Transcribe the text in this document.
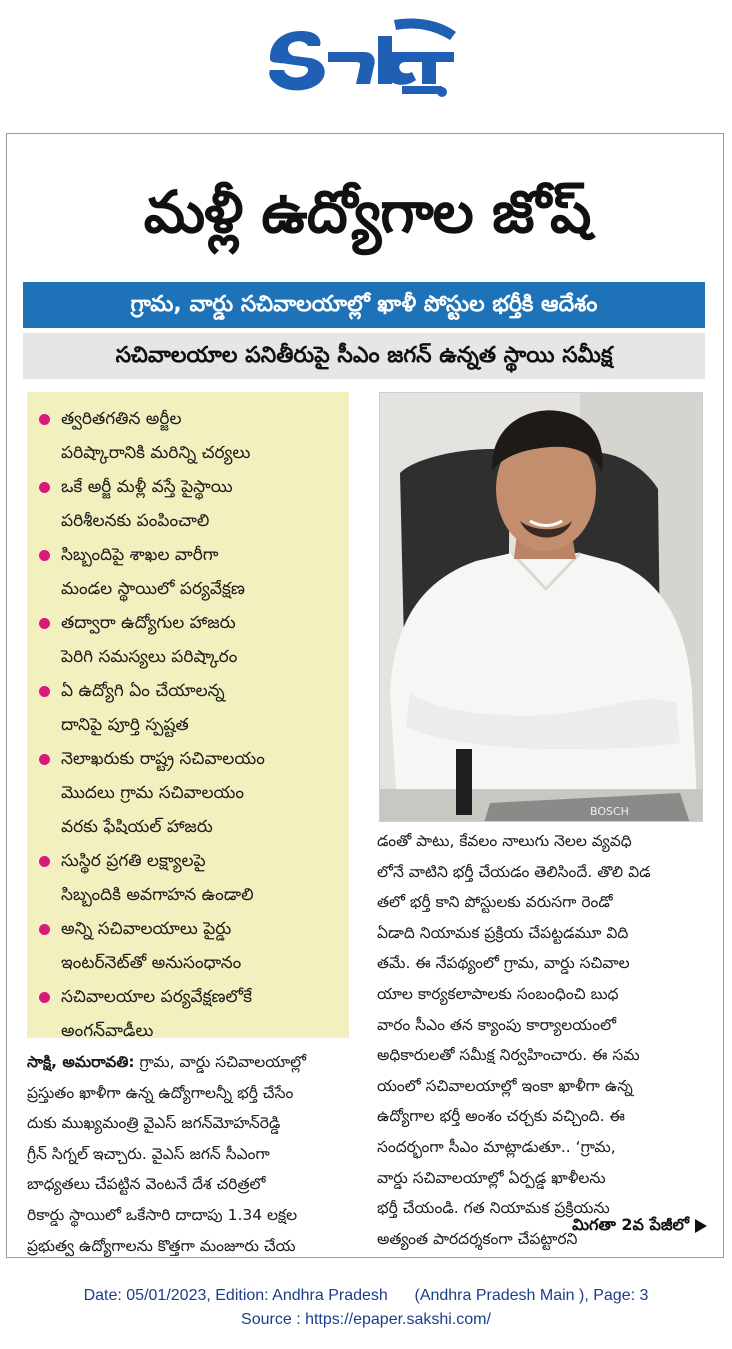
మళ్లీ ఉద్యోగాల జోష్
గ్రామ, వార్డు సచివాలయాల్లో ఖాళీ పోస్టుల భర్తీకి ఆదేశం
సచివాలయాల పనితీరుపై సీఎం జగన్ ఉన్నత స్థాయి సమీక్ష
త్వరితగతిన అర్జీల
పరిష్కారానికి మరిన్ని చర్యలు
ఒకే అర్జీ మళ్లీ వస్తే పైస్థాయి
పరిశీలనకు పంపించాలి
సిబ్బందిపై శాఖల వారీగా
మండల స్థాయిలో పర్యవేక్షణ
తద్వారా ఉద్యోగుల హాజరు
పెరిగి సమస్యలు పరిష్కారం
ఏ ఉద్యోగి ఏం చేయాలన్న
దానిపై పూర్తి స్పష్టత
నెలాఖరుకు రాష్ట్ర సచివాలయం
మొదలు గ్రామ సచివాలయం
వరకు ఫేషియల్ హాజరు
సుస్థిర ప్రగతి లక్ష్యాలపై
సిబ్బందికి అవగాహన ఉండాలి
అన్ని సచివాలయాలు పైర్డు
ఇంటర్‌నెట్‌తో అనుసంధానం
సచివాలయాల పర్యవేక్షణలోకే
అంగన్‌వాడీలు
BOSCH
డంతో పాటు, కేవలం నాలుగు నెలల వ్యవధి
లోనే వాటిని భర్తీ చేయడం తెలిసిందే. తొలి విడ
తలో భర్తీ కాని పోస్టులకు వరుసగా రెండో
ఏడాది నియామక ప్రక్రియ చేపట్టడమూ విది
తమే. ఈ నేపథ్యంలో గ్రామ, వార్డు సచివాల
యాల కార్యకలాపాలకు సంబంధించి బుధ
వారం సీఎం తన క్యాంపు కార్యాలయంలో
అధికారులతో సమీక్ష నిర్వహించారు. ఈ సమ
యంలో సచివాలయాల్లో ఇంకా ఖాళీగా ఉన్న
ఉద్యోగాల భర్తీ అంశం చర్చకు వచ్చింది. ఈ
సందర్భంగా సీఎం మాట్లాడుతూ.. ‘గ్రామ,
వార్డు సచివాలయాల్లో ఏర్పడ్డ ఖాళీలను
భర్తీ చేయండి. గత నియామక ప్రక్రియను
అత్యంత పారదర్శకంగా చేపట్టారని
సాక్షి, అమరావతి: గ్రామ, వార్డు సచివాలయాల్లో
ప్రస్తుతం ఖాళీగా ఉన్న ఉద్యోగాలన్నీ భర్తీ చేసేం
దుకు ముఖ్యమంత్రి వైఎస్ జగన్‌మోహన్‌రెడ్డి
గ్రీన్ సిగ్నల్ ఇచ్చారు. వైఎస్ జగన్ సీఎంగా
బాధ్యతలు చేపట్టిన వెంటనే దేశ చరిత్రలో
రికార్డు స్థాయిలో ఒకేసారి దాదాపు 1.34 లక్షల
ప్రభుత్వ ఉద్యోగాలను కొత్తగా మంజూరు చేయ
మిగతా 2వ పేజీలో
Date: 05/01/2023, Edition: Andhra Pradesh      (Andhra Pradesh Main ), Page: 3
Source : https://epaper.sakshi.com/
